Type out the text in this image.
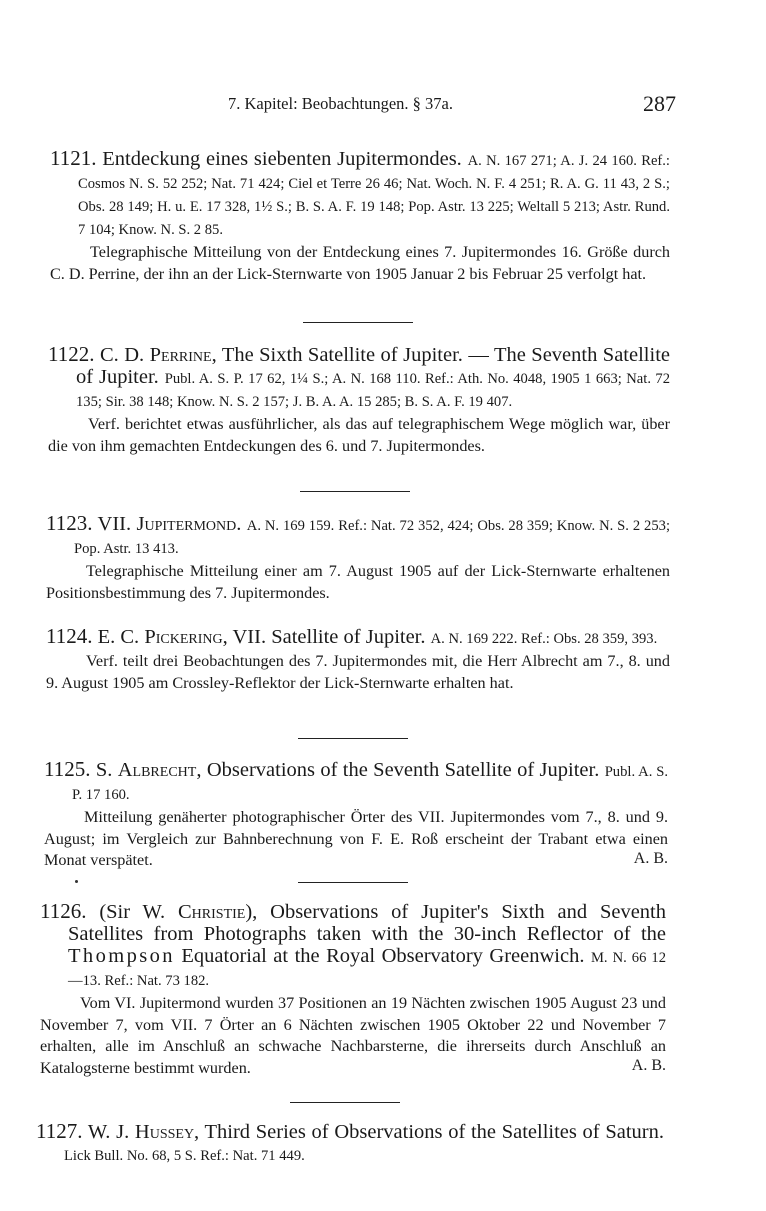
7. Kapitel: Beobachtungen. § 37a.	287

1121. Entdeckung eines siebenten Jupitermondes. A. N. 167 271; A. J. 24 160. Ref.: Cosmos N. S. 52 252; Nat. 71 424; Ciel et Terre 26 46; Nat. Woch. N. F. 4 251; R. A. G. 11 43, 2 S.; Obs. 28 149; H. u. E. 17 328, 1½ S.; B. S. A. F. 19 148; Pop. Astr. 13 225; Weltall 5 213; Astr. Rund. 7 104; Know. N. S. 2 85.

Telegraphische Mitteilung von der Entdeckung eines 7. Jupitermondes 16. Größe durch C. D. Perrine, der ihn an der Lick-Sternwarte von 1905 Januar 2 bis Februar 25 verfolgt hat.

1122. C. D. Perrine, The Sixth Satellite of Jupiter. — The Seventh Satellite of Jupiter. Publ. A. S. P. 17 62, 1¼ S.; A. N. 168 110. Ref.: Ath. No. 4048, 1905 1 663; Nat. 72 135; Sir. 38 148; Know. N. S. 2 157; J. B. A. A. 15 285; B. S. A. F. 19 407.

Verf. berichtet etwas ausführlicher, als das auf telegraphischem Wege möglich war, über die von ihm gemachten Entdeckungen des 6. und 7. Jupitermondes.

1123. VII. Jupitermond. A. N. 169 159. Ref.: Nat. 72 352, 424; Obs. 28 359; Know. N. S. 2 253; Pop. Astr. 13 413.

Telegraphische Mitteilung einer am 7. August 1905 auf der Lick-Sternwarte erhaltenen Positionsbestimmung des 7. Jupitermondes.

1124. E. C. Pickering, VII. Satellite of Jupiter. A. N. 169 222. Ref.: Obs. 28 359, 393.

Verf. teilt drei Beobachtungen des 7. Jupitermondes mit, die Herr Albrecht am 7., 8. und 9. August 1905 am Crossley-Reflektor der Lick-Sternwarte erhalten hat.

1125. S. Albrecht, Observations of the Seventh Satellite of Jupiter. Publ. A. S. P. 17 160.

Mitteilung genäherter photographischer Örter des VII. Jupitermondes vom 7., 8. und 9. August; im Vergleich zur Bahnberechnung von F. E. Roß erscheint der Trabant etwa einen Monat verspätet.	A. B.

1126. (Sir W. Christie), Observations of Jupiter's Sixth and Seventh Satellites from Photographs taken with the 30-inch Reflector of the Thompson Equatorial at the Royal Observatory Greenwich. M. N. 66 12—13. Ref.: Nat. 73 182.

Vom VI. Jupitermond wurden 37 Positionen an 19 Nächten zwischen 1905 August 23 und November 7, vom VII. 7 Örter an 6 Nächten zwischen 1905 Oktober 22 und November 7 erhalten, alle im Anschluß an schwache Nachbarsterne, die ihrerseits durch Anschluß an Katalogsterne bestimmt wurden.	A. B.

1127. W. J. Hussey, Third Series of Observations of the Satellites of Saturn. Lick Bull. No. 68, 5 S. Ref.: Nat. 71 449.
